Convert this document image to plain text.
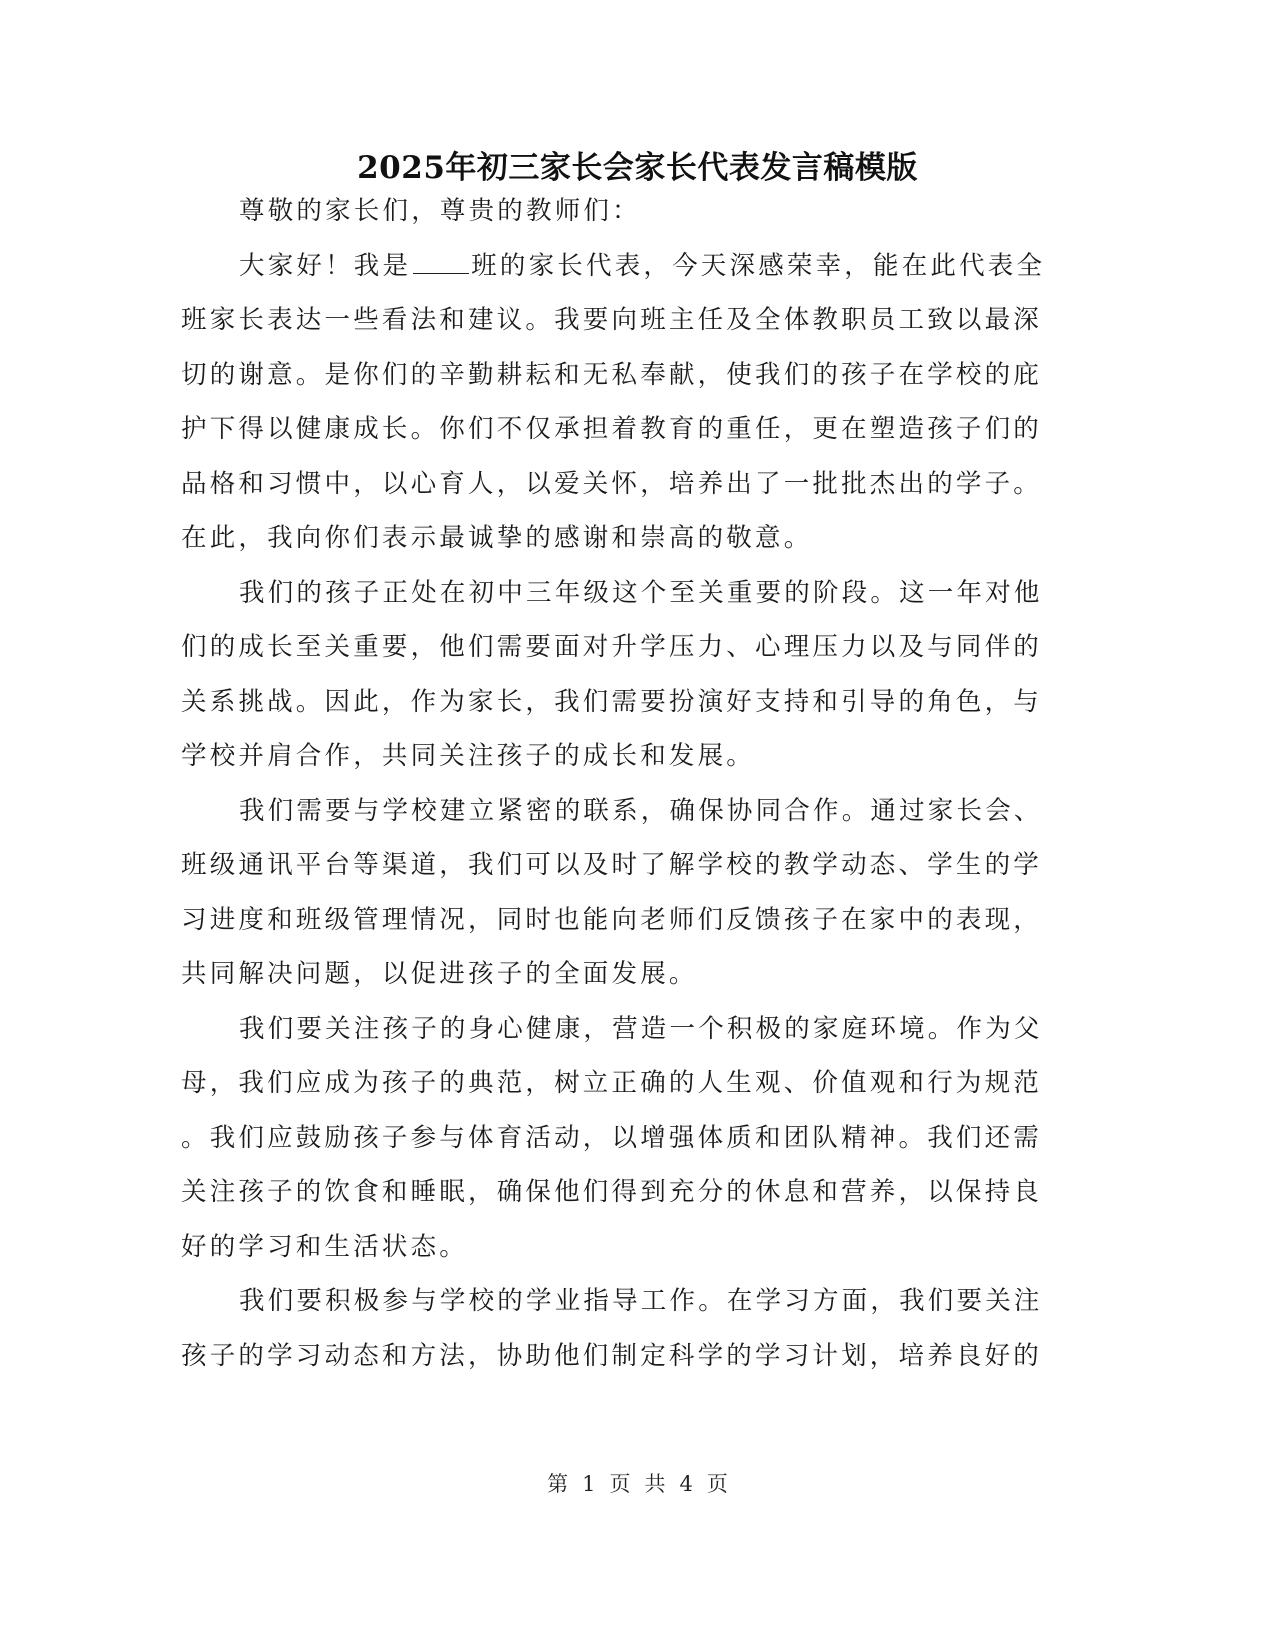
2025年初三家长会家长代表发言稿模版
尊敬的家长们，尊贵的教师们：
大家好！我是 班的家长代表，今天深感荣幸，能在此代表全
班家长表达一些看法和建议。我要向班主任及全体教职员工致以最深
切的谢意。是你们的辛勤耕耘和无私奉献，使我们的孩子在学校的庇
护下得以健康成长。你们不仅承担着教育的重任，更在塑造孩子们的
品格和习惯中，以心育人，以爱关怀，培养出了一批批杰出的学子。
在此，我向你们表示最诚挚的感谢和崇高的敬意。
我们的孩子正处在初中三年级这个至关重要的阶段。这一年对他
们的成长至关重要，他们需要面对升学压力、心理压力以及与同伴的
关系挑战。因此，作为家长，我们需要扮演好支持和引导的角色，与
学校并肩合作，共同关注孩子的成长和发展。
我们需要与学校建立紧密的联系，确保协同合作。通过家长会、
班级通讯平台等渠道，我们可以及时了解学校的教学动态、学生的学
习进度和班级管理情况，同时也能向老师们反馈孩子在家中的表现，
共同解决问题，以促进孩子的全面发展。
我们要关注孩子的身心健康，营造一个积极的家庭环境。作为父
母，我们应成为孩子的典范，树立正确的人生观、价值观和行为规范
。我们应鼓励孩子参与体育活动，以增强体质和团队精神。我们还需
关注孩子的饮食和睡眠，确保他们得到充分的休息和营养，以保持良
好的学习和生活状态。
我们要积极参与学校的学业指导工作。在学习方面，我们要关注
孩子的学习动态和方法，协助他们制定科学的学习计划，培养良好的
第 1 页 共 4 页
